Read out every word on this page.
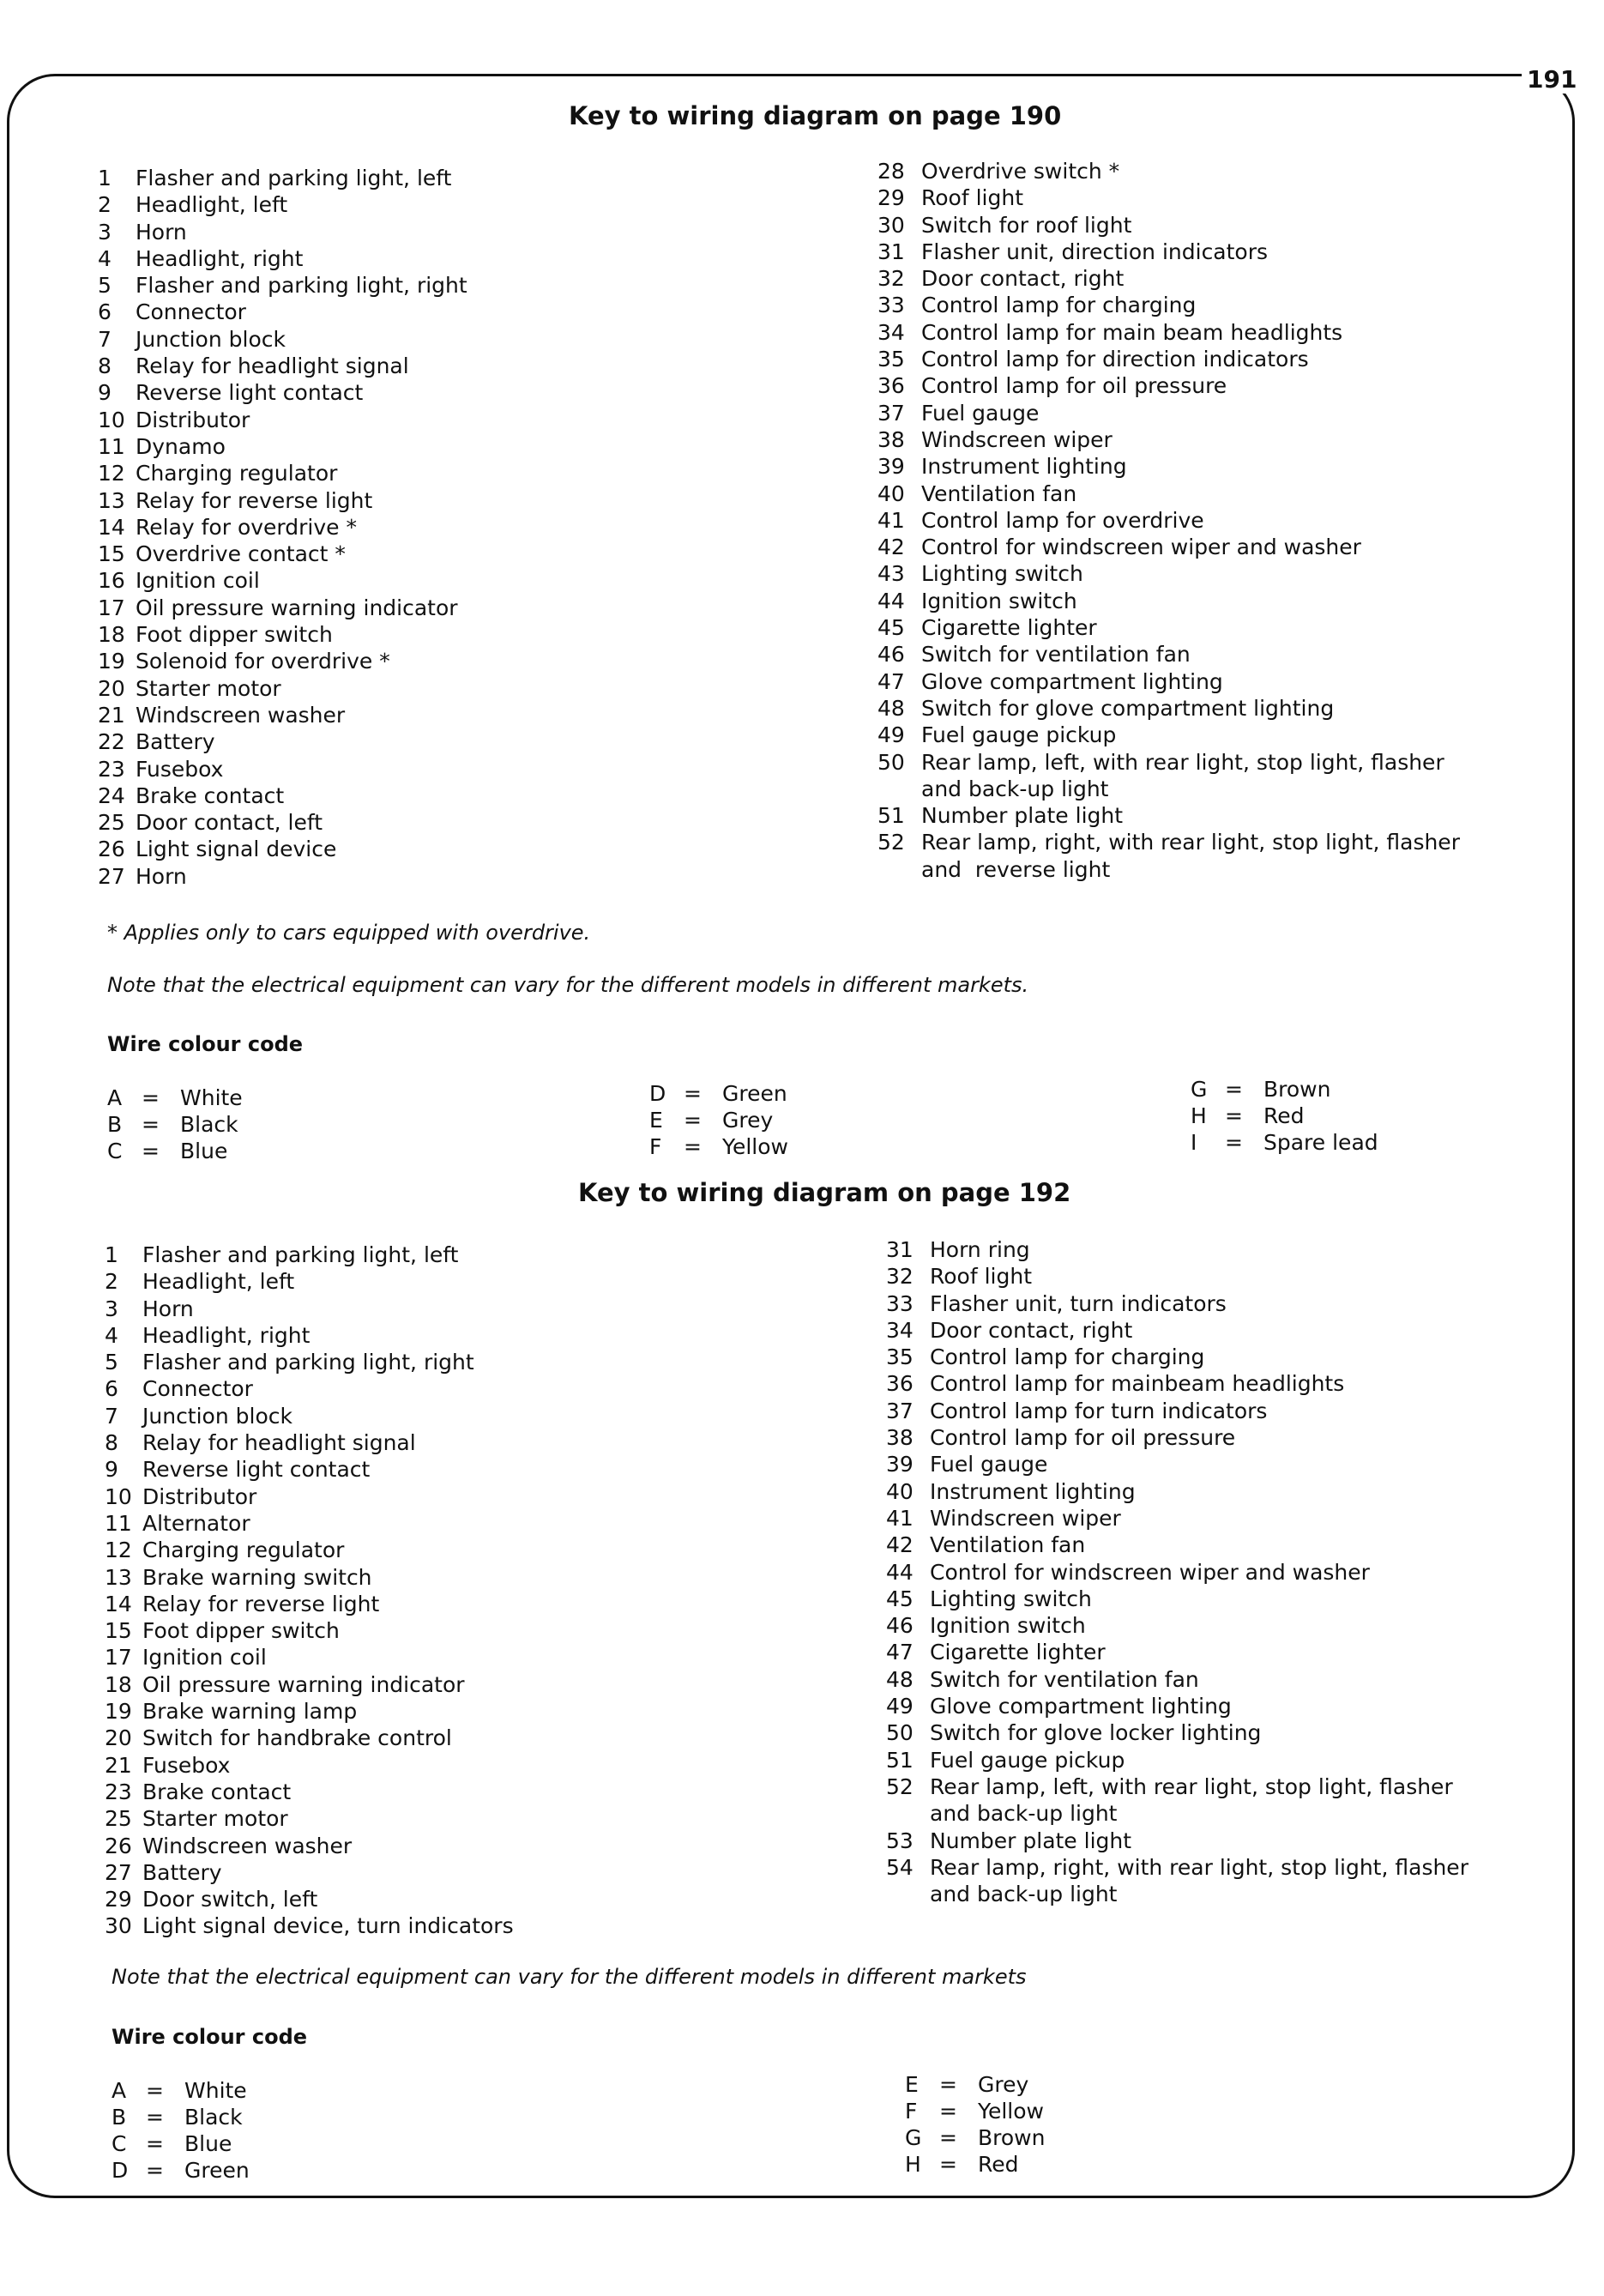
191
Key to wiring diagram on page 190
1	Flasher and parking light, left
2	Headlight, left
3	Horn
4	Headlight, right
5	Flasher and parking light, right
6	Connector
7	Junction block
8	Relay for headlight signal
9	Reverse light contact
10 Distributor
11 Dynamo
12 Charging regulator
13 Relay for reverse light
14 Relay for overdrive *
15 Overdrive contact *
16 Ignition coil
17 Oil pressure warning indicator
18 Foot dipper switch
19 Solenoid for overdrive *
20 Starter motor
21 Windscreen washer
22 Battery
23 Fusebox
24 Brake contact
25 Door contact, left
26 Light signal device
27 Horn
28 Overdrive switch *
29 Roof light
30 Switch for roof light
31 Flasher unit, direction indicators
32 Door contact, right
33 Control lamp for charging
34 Control lamp for main beam headlights
35 Control lamp for direction indicators
36 Control lamp for oil pressure
37 Fuel gauge
38 Windscreen wiper
39 Instrument lighting
40 Ventilation fan
41 Control lamp for overdrive
42 Control for windscreen wiper and washer
43 Lighting switch
44 Ignition switch
45 Cigarette lighter
46 Switch for ventilation fan
47 Glove compartment lighting
48 Switch for glove compartment lighting
49 Fuel gauge pickup
50 Rear lamp, left, with rear light, stop light, flasher
and back-up light
51 Number plate light
52 Rear lamp, right, with rear light, stop light, flasher
and  reverse light
* Applies only to cars equipped with overdrive.
Note that the electrical equipment can vary for the different models in different markets.
Wire colour code
A = White
B = Black
C = Blue
D = Green
E = Grey
F	= Yellow
G = Brown
H = Red
I	= Spare lead
Key to wiring diagram on page 192
1	Flasher and parking light, left
2	Headlight, left
3	Horn
4	Headlight, right
5	Flasher and parking light, right
6	Connector
7	Junction block
8	Relay for headlight signal
9	Reverse light contact
10 Distributor
11 Alternator
12 Charging regulator
13 Brake warning switch
14 Relay for reverse light
15 Foot dipper switch
17 Ignition coil
18 Oil pressure warning indicator
19 Brake warning lamp
20 Switch for handbrake control
21 Fusebox
23 Brake contact
25 Starter motor
26 Windscreen washer
27 Battery
29 Door switch, left
30 Light signal device, turn indicators
31 Horn ring
32 Roof light
33 Flasher unit, turn indicators
34 Door contact, right
35 Control lamp for charging
36 Control lamp for mainbeam headlights
37 Control lamp for turn indicators
38 Control lamp for oil pressure
39 Fuel gauge
40 Instrument lighting
41 Windscreen wiper
42 Ventilation fan
44 Control for windscreen wiper and washer
45 Lighting switch
46 Ignition switch
47 Cigarette lighter
48 Switch for ventilation fan
49 Glove compartment lighting
50 Switch for glove locker lighting
51 Fuel gauge pickup
52 Rear lamp, left, with rear light, stop light, flasher
and back-up light
53 Number plate light
54 Rear lamp, right, with rear light, stop light, flasher
and back-up light
Note that the electrical equipment can vary for the different models in different markets
Wire colour code
A = White
B = Black
C = Blue
D = Green
E = Grey
F	= Yellow
G = Brown
H = Red
